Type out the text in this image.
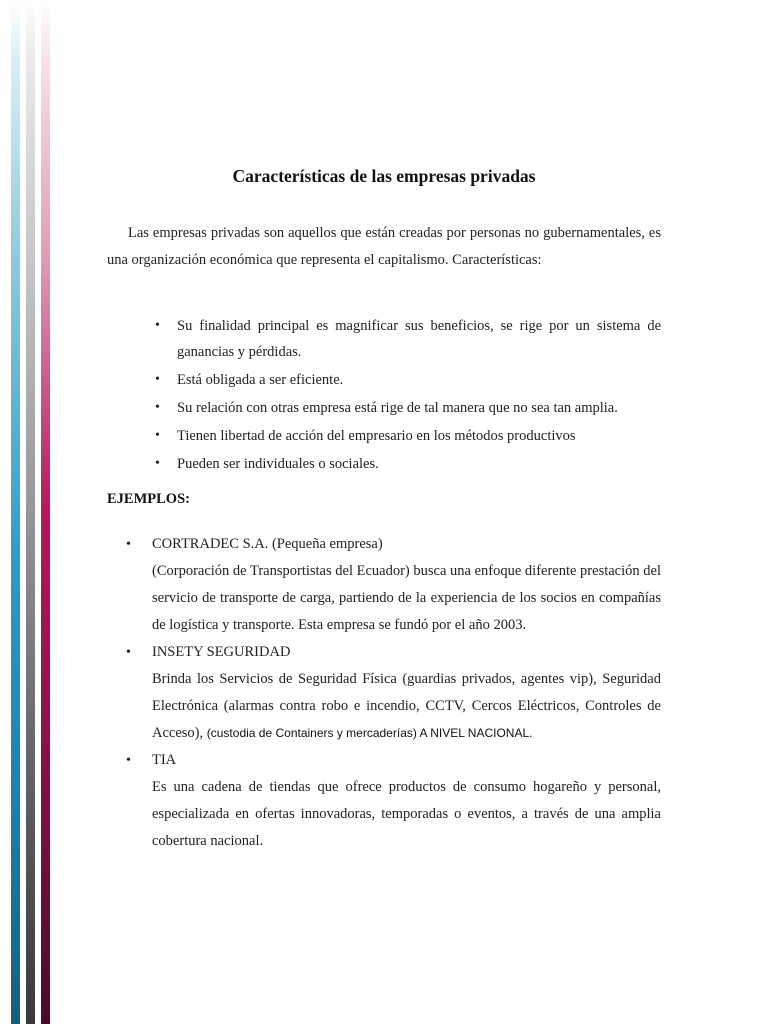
Características de las empresas privadas

Las empresas privadas son aquellos que están creadas por personas no gubernamentales, es una organización económica que representa el capitalismo. Características:

• Su finalidad principal es magnificar sus beneficios, se rige por un sistema de ganancias y pérdidas.
• Está obligada a ser eficiente.
• Su relación con otras empresa está rige de tal manera que no sea tan amplia.
• Tienen libertad de acción del empresario en los métodos productivos
• Pueden ser individuales o sociales.
EJEMPLOS:
• CORTRADEC S.A. (Pequeña empresa)
(Corporación de Transportistas del Ecuador) busca una enfoque diferente prestación del servicio de transporte de carga, partiendo de la experiencia de los socios en compañías de logística y transporte. Esta empresa se fundó por el año 2003.
• INSETY SEGURIDAD
Brinda los Servicios de Seguridad Física (guardias privados, agentes vip), Seguridad Electrónica (alarmas contra robo e incendio, CCTV, Cercos Eléctricos, Controles de Acceso), (custodia de Containers y mercaderías) A NIVEL NACIONAL.
• TIA
Es una cadena de tiendas que ofrece productos de consumo hogareño y personal, especializada en ofertas innovadoras, temporadas o eventos, a través de una amplia cobertura nacional.
